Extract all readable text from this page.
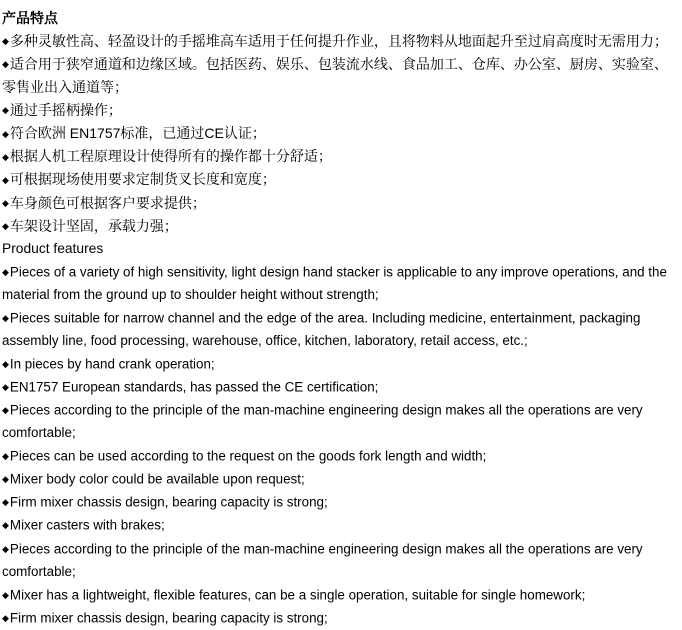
产品特点
◆多种灵敏性高、轻盈设计的手摇堆高车适用于任何提升作业，且将物料从地面起升至过肩高度时无需用力；
◆适合用于狭窄通道和边缘区域。包括医药、娱乐、包装流水线、食品加工、仓库、办公室、厨房、实验室、零售业出入通道等；
◆通过手摇柄操作；
◆符合欧洲 EN1757标准，已通过CE认证；
◆根据人机工程原理设计使得所有的操作都十分舒适；
◆可根据现场使用要求定制货叉长度和宽度；
◆车身颜色可根据客户要求提供；
◆车架设计坚固，承载力强；
Product features
◆Pieces of a variety of high sensitivity, light design hand stacker is applicable to any improve operations, and the material from the ground up to shoulder height without strength;
◆Pieces suitable for narrow channel and the edge of the area. Including medicine, entertainment, packaging assembly line, food processing, warehouse, office, kitchen, laboratory, retail access, etc.;
◆In pieces by hand crank operation;
◆EN1757 European standards, has passed the CE certification;
◆Pieces according to the principle of the man-machine engineering design makes all the operations are very comfortable;
◆Pieces can be used according to the request on the goods fork length and width;
◆Mixer body color could be available upon request;
◆Firm mixer chassis design, bearing capacity is strong;
◆Mixer casters with brakes;
◆Pieces according to the principle of the man-machine engineering design makes all the operations are very comfortable;
◆Mixer has a lightweight, flexible features, can be a single operation, suitable for single homework;
◆Firm mixer chassis design, bearing capacity is strong;
